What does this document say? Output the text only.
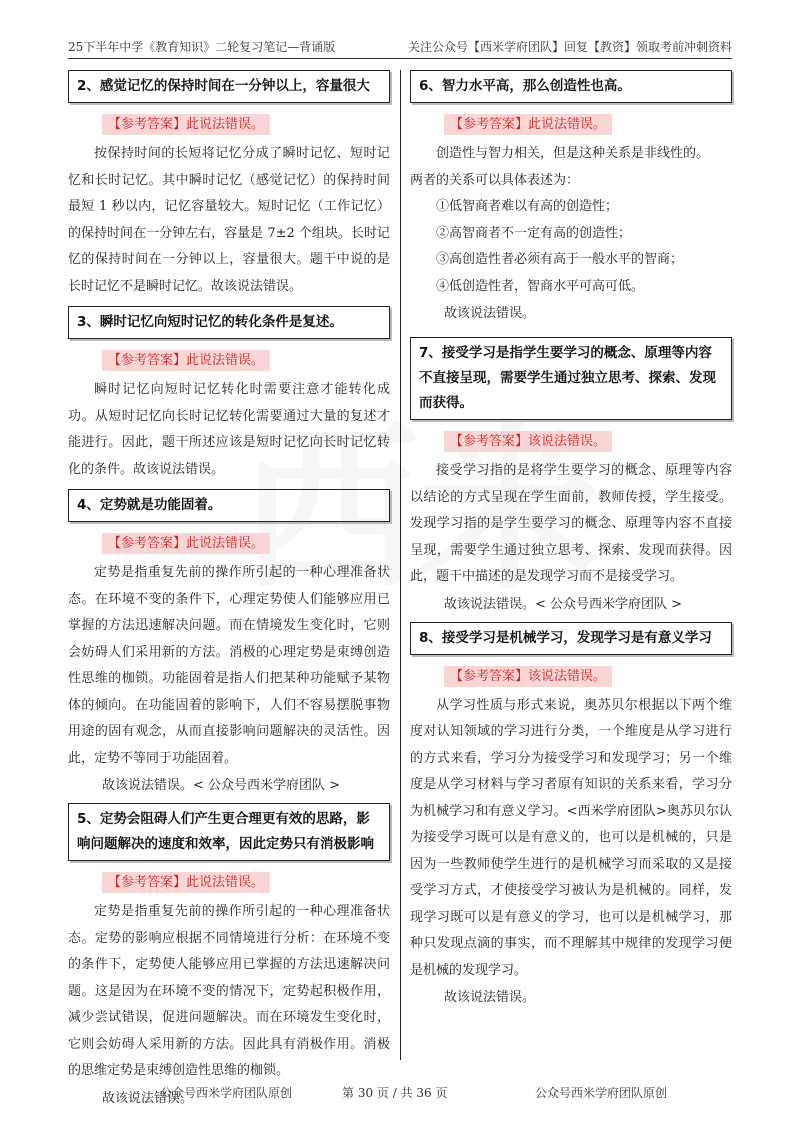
25下半年中学《教育知识》二轮复习笔记—背诵版	关注公众号【西米学府团队】回复【教资】领取考前冲刺资料
2、感觉记忆的保持时间在一分钟以上，容量很大
【参考答案】此说法错误。

按保持时间的长短将记忆分成了瞬时记忆、短时记忆和长时记忆。其中瞬时记忆（感觉记忆）的保持时间最短 1 秒以内，记忆容量较大。短时记忆（工作记忆）的保持时间在一分钟左右，容量是 7±2 个组块。长时记忆的保持时间在一分钟以上，容量很大。题干中说的是长时记忆不是瞬时记忆。故该说法错误。

3、瞬时记忆向短时记忆的转化条件是复述。
【参考答案】此说法错误。

瞬时记忆向短时记忆转化时需要注意才能转化成功。从短时记忆向长时记忆转化需要通过大量的复述才能进行。因此，题干所述应该是短时记忆向长时记忆转化的条件。故该说法错误。

4、定势就是功能固着。
【参考答案】此说法错误。

定势是指重复先前的操作所引起的一种心理准备状态。在环境不变的条件下，心理定势使人们能够应用已掌握的方法迅速解决问题。而在情境发生变化时，它则会妨碍人们采用新的方法。消极的心理定势是束缚创造性思维的枷锁。功能固着是指人们把某种功能赋予某物体的倾向。在功能固着的影响下，人们不容易摆脱事物用途的固有观念，从而直接影响问题解决的灵活性。因此，定势不等同于功能固着。

故该说法错误。< 公众号西米学府团队 >
5、定势会阻碍人们产生更合理更有效的思路，影响问题解决的速度和效率，因此定势只有消极影响
【参考答案】此说法错误。

定势是指重复先前的操作所引起的一种心理准备状态。定势的影响应根据不同情境进行分析：在环境不变的条件下，定势使人能够应用已掌握的方法迅速解决问题。这是因为在环境不变的情况下，定势起积极作用，减少尝试错误，促进问题解决。而在环境发生变化时，它则会妨碍人采用新的方法。因此具有消极作用。消极的思维定势是束缚创造性思维的枷锁。

故该说法错误。
6、智力水平高，那么创造性也高。
【参考答案】此说法错误。

创造性与智力相关，但是这种关系是非线性的。

两者的关系可以具体表述为：

①低智商者难以有高的创造性；

②高智商者不一定有高的创造性；

③高创造性者必须有高于一般水平的智商；

④低创造性者，智商水平可高可低。

故该说法错误。
7、接受学习是指学生要学习的概念、原理等内容不直接呈现，需要学生通过独立思考、探索、发现而获得。
【参考答案】该说法错误。

接受学习指的是将学生要学习的概念、原理等内容以结论的方式呈现在学生面前，教师传授，学生接受。发现学习指的是学生要学习的概念、原理等内容不直接呈现，需要学生通过独立思考、探索、发现而获得。因此，题干中描述的是发现学习而不是接受学习。

故该说法错误。< 公众号西米学府团队 >
8、接受学习是机械学习，发现学习是有意义学习
【参考答案】该说法错误。

从学习性质与形式来说，奥苏贝尔根据以下两个维度对认知领域的学习进行分类，一个维度是从学习进行的方式来看，学习分为接受学习和发现学习；另一个维度是从学习材料与学习者原有知识的关系来看，学习分为机械学习和有意义学习。<西米学府团队>奥苏贝尔认为接受学习既可以是有意义的，也可以是机械的，只是因为一些教师使学生进行的是机械学习而采取的又是接受学习方式，才使接受学习被认为是机械的。同样，发现学习既可以是有意义的学习，也可以是机械学习，那种只发现点滴的事实，而不理解其中规律的发现学习便是机械的发现学习。

故该说法错误。
公众号西米学府团队原创	第 30 页 / 共 36 页	公众号西米学府团队原创
